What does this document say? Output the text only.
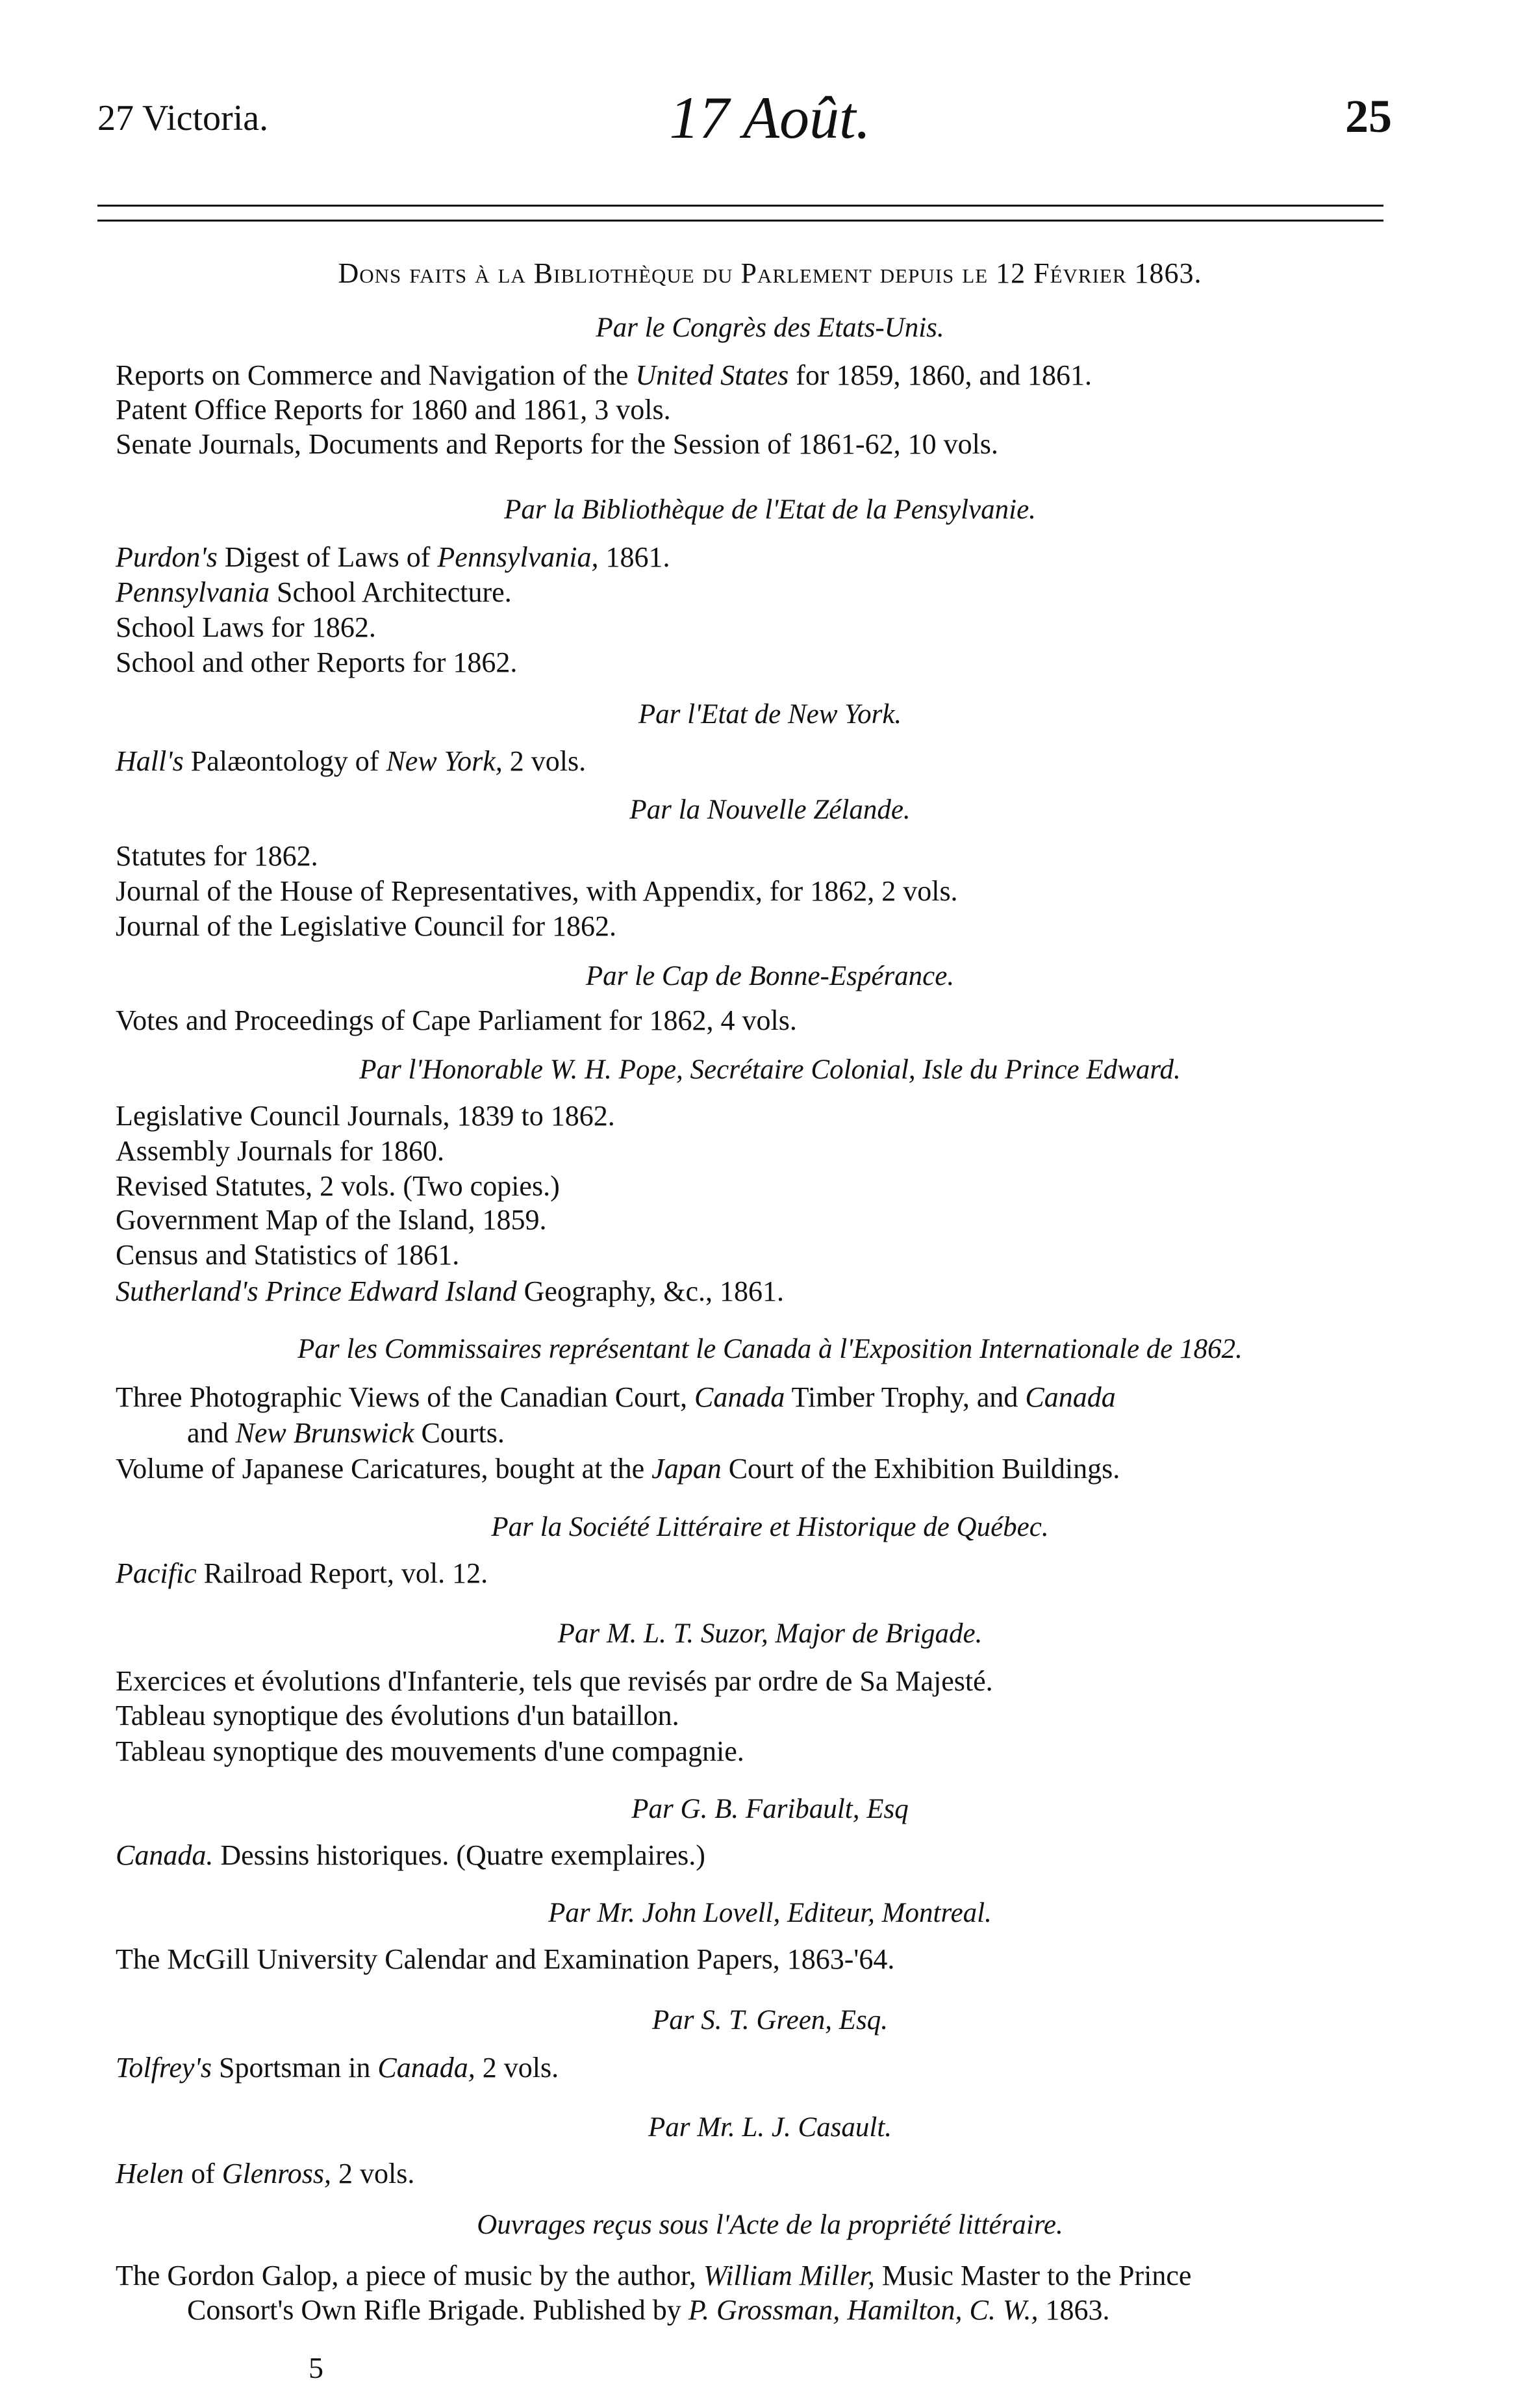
27 Victoria.	17 Août.	25
Dons faits à la Bibliothèque du Parlement depuis le 12 Février 1863.
Par le Congrès des Etats-Unis.
Reports on Commerce and Navigation of the United States for 1859, 1860, and 1861.
Patent Office Reports for 1860 and 1861, 3 vols.
Senate Journals, Documents and Reports for the Session of 1861-62, 10 vols.
Par la Bibliothèque de l'Etat de la Pensylvanie.
Purdon's Digest of Laws of Pennsylvania, 1861.
Pennsylvania School Architecture.
School Laws for 1862.
School and other Reports for 1862.
Par l'Etat de New York.
Hall's Palæontology of New York, 2 vols.
Par la Nouvelle Zélande.
Statutes for 1862.
Journal of the House of Representatives, with Appendix, for 1862, 2 vols.
Journal of the Legislative Council for 1862.
Par le Cap de Bonne-Espérance.
Votes and Proceedings of Cape Parliament for 1862, 4 vols.
Par l'Honorable W. H. Pope, Secrétaire Colonial, Isle du Prince Edward.
Legislative Council Journals, 1839 to 1862.
Assembly Journals for 1860.
Revised Statutes, 2 vols. (Two copies.)
Government Map of the Island, 1859.
Census and Statistics of 1861.
Sutherland's Prince Edward Island Geography, &c., 1861.
Par les Commissaires représentant le Canada à l'Exposition Internationale de 1862.
Three Photographic Views of the Canadian Court, Canada Timber Trophy, and Canada
and New Brunswick Courts.
Volume of Japanese Caricatures, bought at the Japan Court of the Exhibition Buildings.
Par la Société Littéraire et Historique de Québec.
Pacific Railroad Report, vol. 12.
Par M. L. T. Suzor, Major de Brigade.
Exercices et évolutions d'Infanterie, tels que revisés par ordre de Sa Majesté.
Tableau synoptique des évolutions d'un bataillon.
Tableau synoptique des mouvements d'une compagnie.
Par G. B. Faribault, Esq
Canada. Dessins historiques. (Quatre exemplaires.)
Par Mr. John Lovell, Editeur, Montreal.
The McGill University Calendar and Examination Papers, 1863-'64.
Par S. T. Green, Esq.
Tolfrey's Sportsman in Canada, 2 vols.
Par Mr. L. J. Casault.
Helen of Glenross, 2 vols.
Ouvrages reçus sous l'Acte de la propriété littéraire.
The Gordon Galop, a piece of music by the author, William Miller, Music Master to the Prince
Consort's Own Rifle Brigade. Published by P. Grossman, Hamilton, C. W., 1863.
5
